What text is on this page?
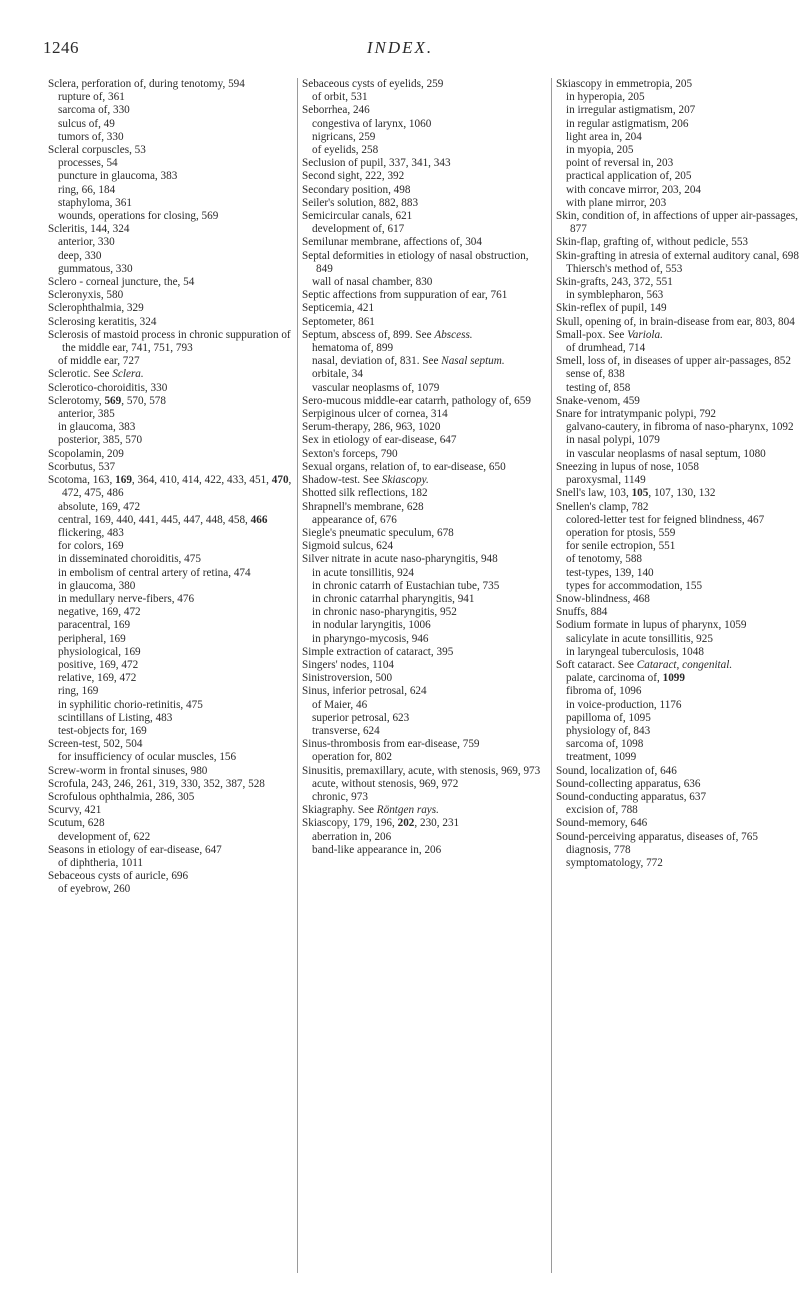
1246	INDEX.
Sclera, perforation of, during tenotomy, 594
rupture of, 361
sarcoma of, 330
sulcus of, 49
tumors of, 330
Scleral corpuscles, 53
processes, 54
puncture in glaucoma, 383
ring, 66, 184
staphyloma, 361
wounds, operations for closing, 569
Scleritis, 144, 324
anterior, 330
deep, 330
gummatous, 330
Sclero - corneal juncture, the, 54
Scleronyxis, 580
Sclerophthalmia, 329
Sclerosing keratitis, 324
Sclerosis of mastoid process in chronic suppuration of the middle ear, 741, 751, 793
of middle ear, 727
Sclerotic. See Sclera.
Sclerotico-choroiditis, 330
Sclerotomy, 569, 570, 578
anterior, 385
in glaucoma, 383
posterior, 385, 570
Scopolamin, 209
Scorbutus, 537
Scotoma, 163, 169, 364, 410, 414, 422, 433, 451, 470, 472, 475, 486
absolute, 169, 472
central, 169, 440, 441, 445, 447, 448, 458, 466
flickering, 483
for colors, 169
in disseminated choroiditis, 475
in embolism of central artery of retina, 474
in glaucoma, 380
in medullary nerve-fibers, 476
negative, 169, 472
paracentral, 169
peripheral, 169
physiological, 169
positive, 169, 472
relative, 169, 472
ring, 169
in syphilitic chorio-retinitis, 475
scintillans of Listing, 483
test-objects for, 169
Screen-test, 502, 504
for insufficiency of ocular muscles, 156
Screw-worm in frontal sinuses, 980
Scrofula, 243, 246, 261, 319, 330, 352, 387, 528
Scrofulous ophthalmia, 286, 305
Scurvy, 421
Scutum, 628
development of, 622
Seasons in etiology of ear-disease, 647
of diphtheria, 1011
Sebaceous cysts of auricle, 696
of eyebrow, 260
Sebaceous cysts of eyelids, 259
of orbit, 531
Seborrhea, 246
congestiva of larynx, 1060
nigricans, 259
of eyelids, 258
Seclusion of pupil, 337, 341, 343
Second sight, 222, 392
Secondary position, 498
Seiler's solution, 882, 883
Semicircular canals, 621
development of, 617
Semilunar membrane, affections of, 304
Septal deformities in etiology of nasal obstruction, 849
wall of nasal chamber, 830
Septic affections from suppuration of ear, 761
Septicemia, 421
Septometer, 861
Septum, abscess of, 899. See Abscess.
hematoma of, 899
nasal, deviation of, 831. See Nasal septum.
orbitale, 34
vascular neoplasms of, 1079
Sero-mucous middle-ear catarrh, pathology of, 659
Serpiginous ulcer of cornea, 314
Serum-therapy, 286, 963, 1020
Sex in etiology of ear-disease, 647
Sexton's forceps, 790
Sexual organs, relation of, to ear-disease, 650
Shadow-test. See Skiascopy.
Shotted silk reflections, 182
Shrapnell's membrane, 628
appearance of, 676
Siegle's pneumatic speculum, 678
Sigmoid sulcus, 624
Silver nitrate in acute naso-pharyngitis, 948
in acute tonsillitis, 924
in chronic catarrh of Eustachian tube, 735
in chronic catarrhal pharyngitis, 941
in chronic naso-pharyngitis, 952
in nodular laryngitis, 1006
in pharyngo-mycosis, 946
Simple extraction of cataract, 395
Singers' nodes, 1104
Sinistroversion, 500
Sinus, inferior petrosal, 624
of Maier, 46
superior petrosal, 623
transverse, 624
Sinus-thrombosis from ear-disease, 759
operation for, 802
Sinusitis, premaxillary, acute, with stenosis, 969, 973
acute, without stenosis, 969, 972
chronic, 973
Skiagraphy. See Röntgen rays.
Skiascopy, 179, 196, 202, 230, 231
aberration in, 206
band-like appearance in, 206
Skiascopy in emmetropia, 205
in hyperopia, 205
in irregular astigmatism, 207
in regular astigmatism, 206
light area in, 204
in myopia, 205
point of reversal in, 203
practical application of, 205
with concave mirror, 203, 204
with plane mirror, 203
Skin, condition of, in affections of upper air-passages, 877
Skin-flap, grafting of, without pedicle, 553
Skin-grafting in atresia of external auditory canal, 698
Thiersch's method of, 553
Skin-grafts, 243, 372, 551
in symblepharon, 563
Skin-reflex of pupil, 149
Skull, opening of, in brain-disease from ear, 803, 804
Small-pox. See Variola.
of drumhead, 714
Smell, loss of, in diseases of upper air-passages, 852
sense of, 838
testing of, 858
Snake-venom, 459
Snare for intratympanic polypi, 792
galvano-cautery, in fibroma of naso-pharynx, 1092
in nasal polypi, 1079
in vascular neoplasms of nasal septum, 1080
Sneezing in lupus of nose, 1058
paroxysmal, 1149
Snell's law, 103, 105, 107, 130, 132
Snellen's clamp, 782
colored-letter test for feigned blindness, 467
operation for ptosis, 559
for senile ectropion, 551
of tenotomy, 588
test-types, 139, 140
types for accommodation, 155
Snow-blindness, 468
Snuffs, 884
Sodium formate in lupus of pharynx, 1059
salicylate in acute tonsillitis, 925
in laryngeal tuberculosis, 1048
Soft cataract. See Cataract, congenital.
palate, carcinoma of, 1099
fibroma of, 1096
in voice-production, 1176
papilloma of, 1095
physiology of, 843
sarcoma of, 1098
treatment, 1099
Sound, localization of, 646
Sound-collecting apparatus, 636
Sound-conducting apparatus, 637
excision of, 788
Sound-memory, 646
Sound-perceiving apparatus, diseases of, 765
diagnosis, 778
symptomatology, 772
